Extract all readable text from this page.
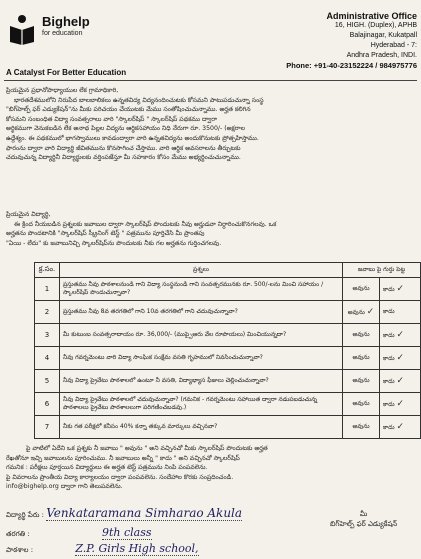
Bighelp
for education
A Catalyst For Better Education
Administrative Office
16, HIGH. (Duplex), APHB
Balajinagar, Kukatpall
Hyderabad - 7:
Andhra Pradesh, INDI.
Phone: +91-40-23152224 / 984975776
ప్రియమైన ప్రధానోపాధ్యాయుల లేక గ్రామాధికారి,
భారతదేశములోని నిరుపేద బాలబాలికలు ఉన్నతవిద్య విద్యనందించుటకు కోసమని పాటుపడుచున్నా సంస్థ
"బిగ్‌హెల్ప్ ఫర్ ఎడ్యుకేషన్"ను మీకు పరిచయం చేయుటకు మేము సంతోషించుచున్నాము. అర్హత కలిగిన
కోసమని సంబంధిత విద్యా సంవత్సరాలు వారి "స్కాలర్‌షిప్ " స్కాలర్‌షిప్‌ పథకము ద్వారా
అర్థికముగా వెనుకబడిన లేక అనాథ పిల్లల విద్యను ఆర్థికసహాయం నిధి నేరుగా రూ. 3500/- (అక్షరాల
ఉద్దేశ్యం. ఈ పథకములో భాగస్వాములు కావడంద్వారా వారి ఉన్నతవిద్యను అందుకొనుటకు ప్రోత్సహిస్తాము.
ఫారంను ద్వారా వారి విద్యార్థి జీవితమును కొనసాగించ చేస్తాము. వారి ఆర్థిక అవసరాలను తీర్చుటకు
చదువుచున్న విద్యార్థినీ విద్యార్థులకు వర్తింపజేస్తూ మీ సహకారం కోసం మేము అభ్యర్థించుచున్నాము.
ప్రియమైన విద్యార్థి,
ఈ క్రింద నీయబడిన ప్రశ్నలకు జవాబుల ద్వారా స్కాలర్‌షిప్ పొందుటకు నీవు అర్హుడవా నిర్ధారించుకొనగలవు. ఒక
అర్హతను పొందటానికి "స్కాలర్‌షిప్ స్క్రీనింగ్ టెస్ట్ " పత్రమును పూర్తిచేసి మీ ప్రాంతపు
"ఏయి - లేదు" కు జవాబునిచ్చి స్కాలర్‌షిప్‌ను పొందుటకు నీకు గల అర్హతను గుర్తించగలవు.
క్ర.సం.	ప్రశ్నలు	జవాబు పై గుర్తు పెట్ట	
1	ప్రస్తుతము నీవు పాఠశాలనుండి గాని విద్యా సంస్థనుండి గాని సంవత్సరమునకు రూ. 500/-లను మించి సహాయం / స్కాలర్‌షిప్ పొందుచున్నావా?	అవును	కాదు ✓
2	ప్రస్తుతము నీవు 8వ తరగతిలో గాని 10వ తరగతిలో గాని చదువుచున్నావా?	అవును ✓	కాదు
3	మీ కుటుంబ సంవత్సరాదాయం రూ. 36,000/- (ముప్పైఆరు వేల రూపాయలు) మించియున్నదా?	అవును	కాదు ✓
4	నీవు గవర్నమెంటు వారి విద్యా సాంఘిక సంక్షేమ వసతి గృహములో నివసించుచున్నావా?	అవును	కాదు ✓
5	నీవు విద్యా ప్రైవేటు పాఠశాలలో ఉంటూ నీ వసతి, విద్యాభ్యాస ఫీజులు చెల్లించుచున్నావా?	అవును	కాదు ✓
6	నీవు విద్యా ప్రైవేటు పాఠశాలలో చదువుచున్నావా? (గమనిక - గవర్నమెంటు సహాయిత ద్వారా నడుపబడుచున్న పాఠశాలలు ప్రైవేటు పాఠశాలలుగా పరిగణించబడవు.)	అవును	కాదు ✓
7	నీకు గత పరీక్షలో కనీసం 40% కన్నా తక్కువ మార్కులు వచ్చినవా?	అవును	కాదు ✓
పై వాటిలో ఏదేని ఒక ప్రశ్నకు నీ జవాబు " అవును " అని వచ్చినచో మీకు స్కాలర్‌షిప్ పొందుటకు అర్హత
రేఖతోనూ ఇచ్చి జవాబులను పూరించుము. నీ జవాబులు అన్నీ " కాదు " అని వచ్చినచో స్కాలర్‌షిప్
గమనిక : పరీక్షలు పూర్తయిన విద్యార్థులు ఈ అర్హత టెస్ట్ పత్రమును నింపి పంపవలెను.
పై వివరాలను ప్రాంతీయ విద్యా కార్యాలయం ద్వారా పంపవలెను. సందేహాల కొరకు సంప్రదించండి.
info@bighelp.org ద్వారా గాని తెలుపవలెను.
విద్యార్థి పేరు : Venkataramana Simharao Akula	మీ
బిగ్‌హెల్ప్ ఫర్ ఎడ్యుకేషన్
తరగతి :	9th class
పాఠశాల :	Z.P. Girls High school,
